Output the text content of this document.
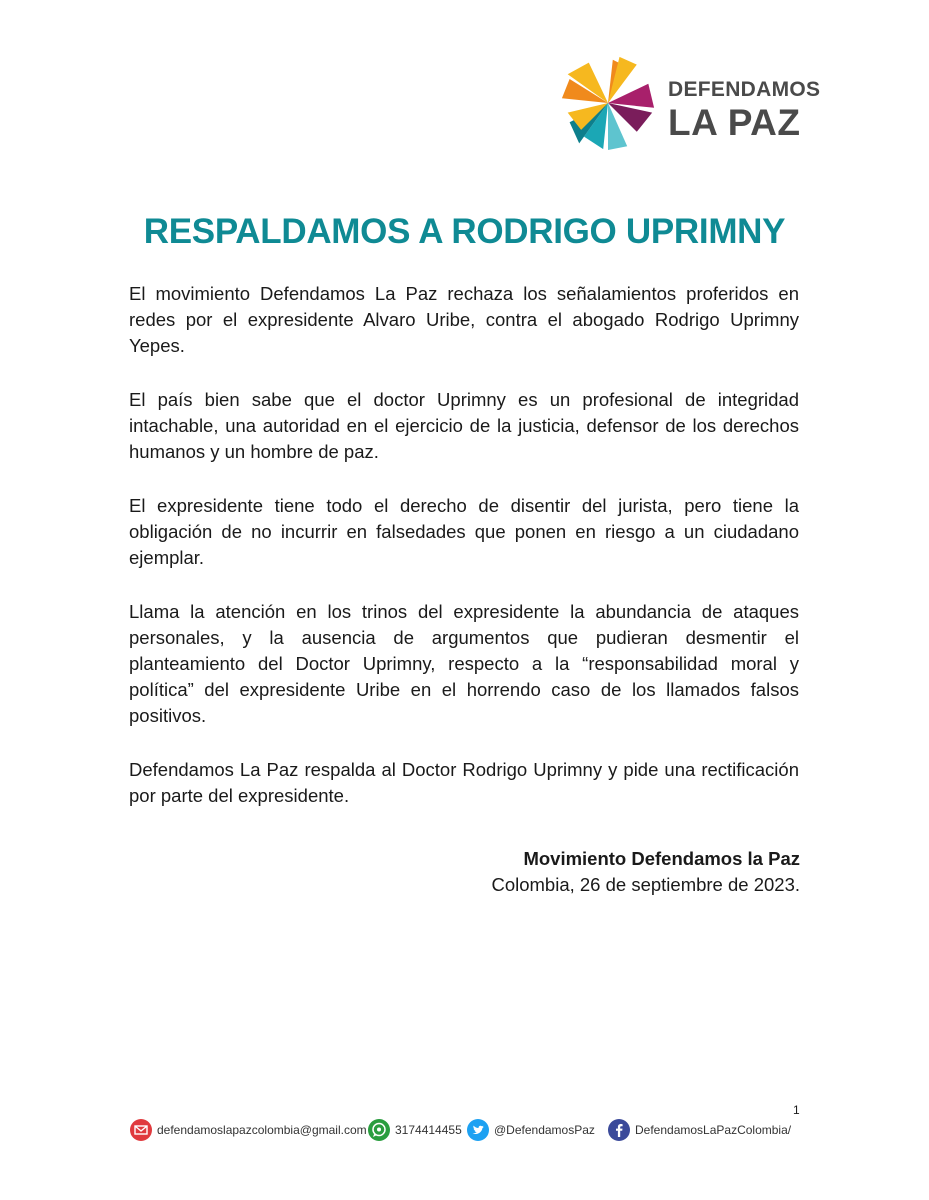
DEFENDAMOS
LA PAZ
RESPALDAMOS A RODRIGO UPRIMNY

El movimiento Defendamos La Paz rechaza los señalamientos proferidos en redes por el expresidente Alvaro Uribe, contra el abogado Rodrigo Uprimny Yepes.

El país bien sabe que el doctor Uprimny es un profesional de integridad intachable, una autoridad en el ejercicio de la justicia, defensor de los derechos humanos y un hombre de paz.

El expresidente tiene todo el derecho de disentir del jurista, pero tiene la obligación de no incurrir en falsedades que ponen en riesgo a un ciudadano ejemplar.

Llama la atención en los trinos del expresidente la abundancia de ataques personales, y la ausencia de argumentos que pudieran desmentir el planteamiento del Doctor Uprimny, respecto a la “responsabilidad moral y política” del expresidente Uribe en el horrendo caso de los llamados falsos positivos.

Defendamos La Paz respalda al Doctor Rodrigo Uprimny y pide una rectificación por parte del expresidente.

Movimiento Defendamos la Paz
Colombia, 26 de septiembre de 2023.
1
defendamoslapazcolombia@gmail.com 3174414455	@DefendamosPaz	DefendamosLaPazColombia/
